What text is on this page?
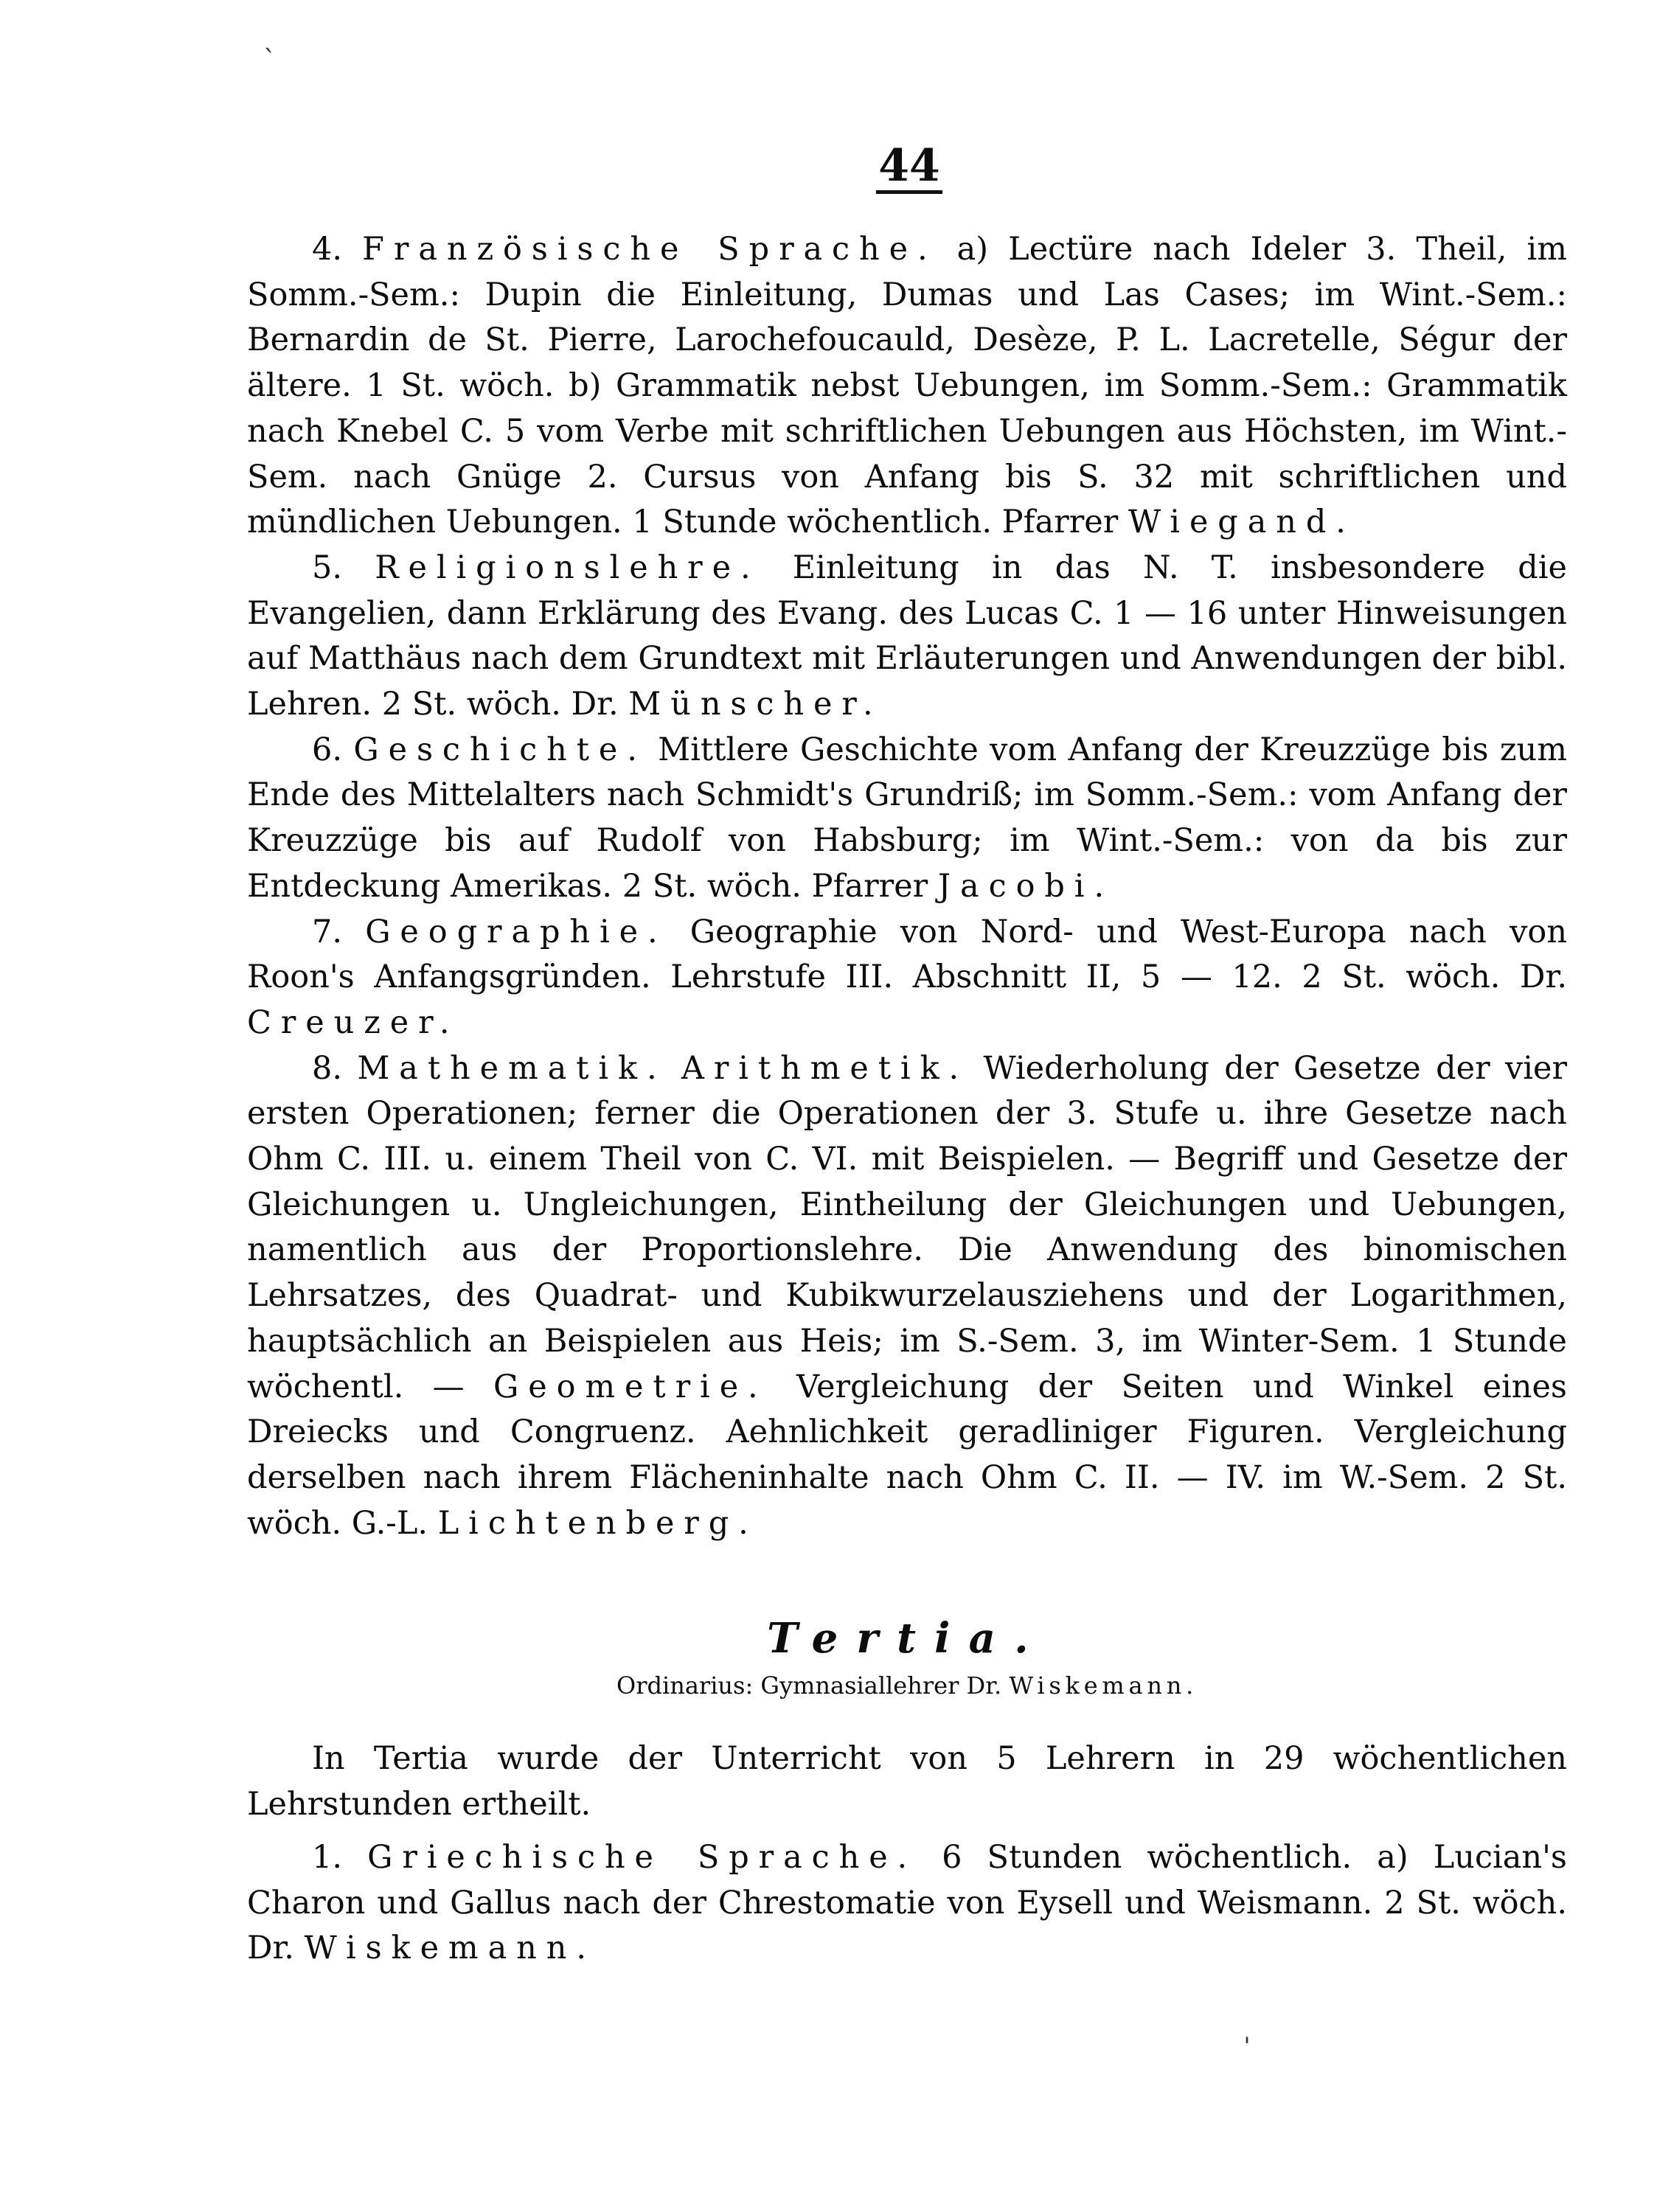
44

4. Französische Sprache. a) Lectüre nach Ideler 3. Theil, im Somm.-Sem.: Dupin die Einleitung, Dumas und Las Cases; im Wint.-Sem.: Bernardin de St. Pierre, Larochefoucauld, Desèze, P. L. Lacretelle, Ségur der ältere. 1 St. wöch. b) Grammatik nebst Uebungen, im Somm.-Sem.: Grammatik nach Knebel C. 5 vom Verbe mit schriftlichen Uebungen aus Höchsten, im Wint.-Sem. nach Gnüge 2. Cursus von Anfang bis S. 32 mit schriftlichen und mündlichen Uebungen. 1 Stunde wöchentlich. Pfarrer Wiegand.

5. Religionslehre. Einleitung in das N. T. insbesondere die Evangelien, dann Erklärung des Evang. des Lucas C. 1 — 16 unter Hinweisungen auf Matthäus nach dem Grundtext mit Erläuterungen und Anwendungen der bibl. Lehren. 2 St. wöch. Dr. Münscher.

6. Geschichte. Mittlere Geschichte vom Anfang der Kreuzzüge bis zum Ende des Mittelalters nach Schmidt's Grundriß; im Somm.-Sem.: vom Anfang der Kreuzzüge bis auf Rudolf von Habsburg; im Wint.-Sem.: von da bis zur Entdeckung Amerikas. 2 St. wöch. Pfarrer Jacobi.

7. Geographie. Geographie von Nord- und West-Europa nach von Roon's Anfangsgründen. Lehrstufe III. Abschnitt II, 5 — 12. 2 St. wöch. Dr. Creuzer.

8. Mathematik. Arithmetik. Wiederholung der Gesetze der vier ersten Operationen; ferner die Operationen der 3. Stufe u. ihre Gesetze nach Ohm C. III. u. einem Theil von C. VI. mit Beispielen. — Begriff und Gesetze der Gleichungen u. Ungleichungen, Eintheilung der Gleichungen und Uebungen, namentlich aus der Proportionslehre. Die Anwendung des binomischen Lehrsatzes, des Quadrat- und Kubikwurzelausziehens und der Logarithmen, hauptsächlich an Beispielen aus Heis; im S.-Sem. 3, im Winter-Sem. 1 Stunde wöchentl. — Geometrie. Vergleichung der Seiten und Winkel eines Dreiecks und Congruenz. Aehnlichkeit geradliniger Figuren. Vergleichung derselben nach ihrem Flächeninhalte nach Ohm C. II. — IV. im W.-Sem. 2 St. wöch. G.-L. Lichtenberg.

Tertia.
Ordinarius: Gymnasiallehrer Dr. Wiskemann.

In Tertia wurde der Unterricht von 5 Lehrern in 29 wöchentlichen Lehrstunden ertheilt.

1. Griechische Sprache. 6 Stunden wöchentlich. a) Lucian's Charon und Gallus nach der Chrestomatie von Eysell und Weismann. 2 St. wöch. Dr. Wiskemann.

ˋ
ˈ
